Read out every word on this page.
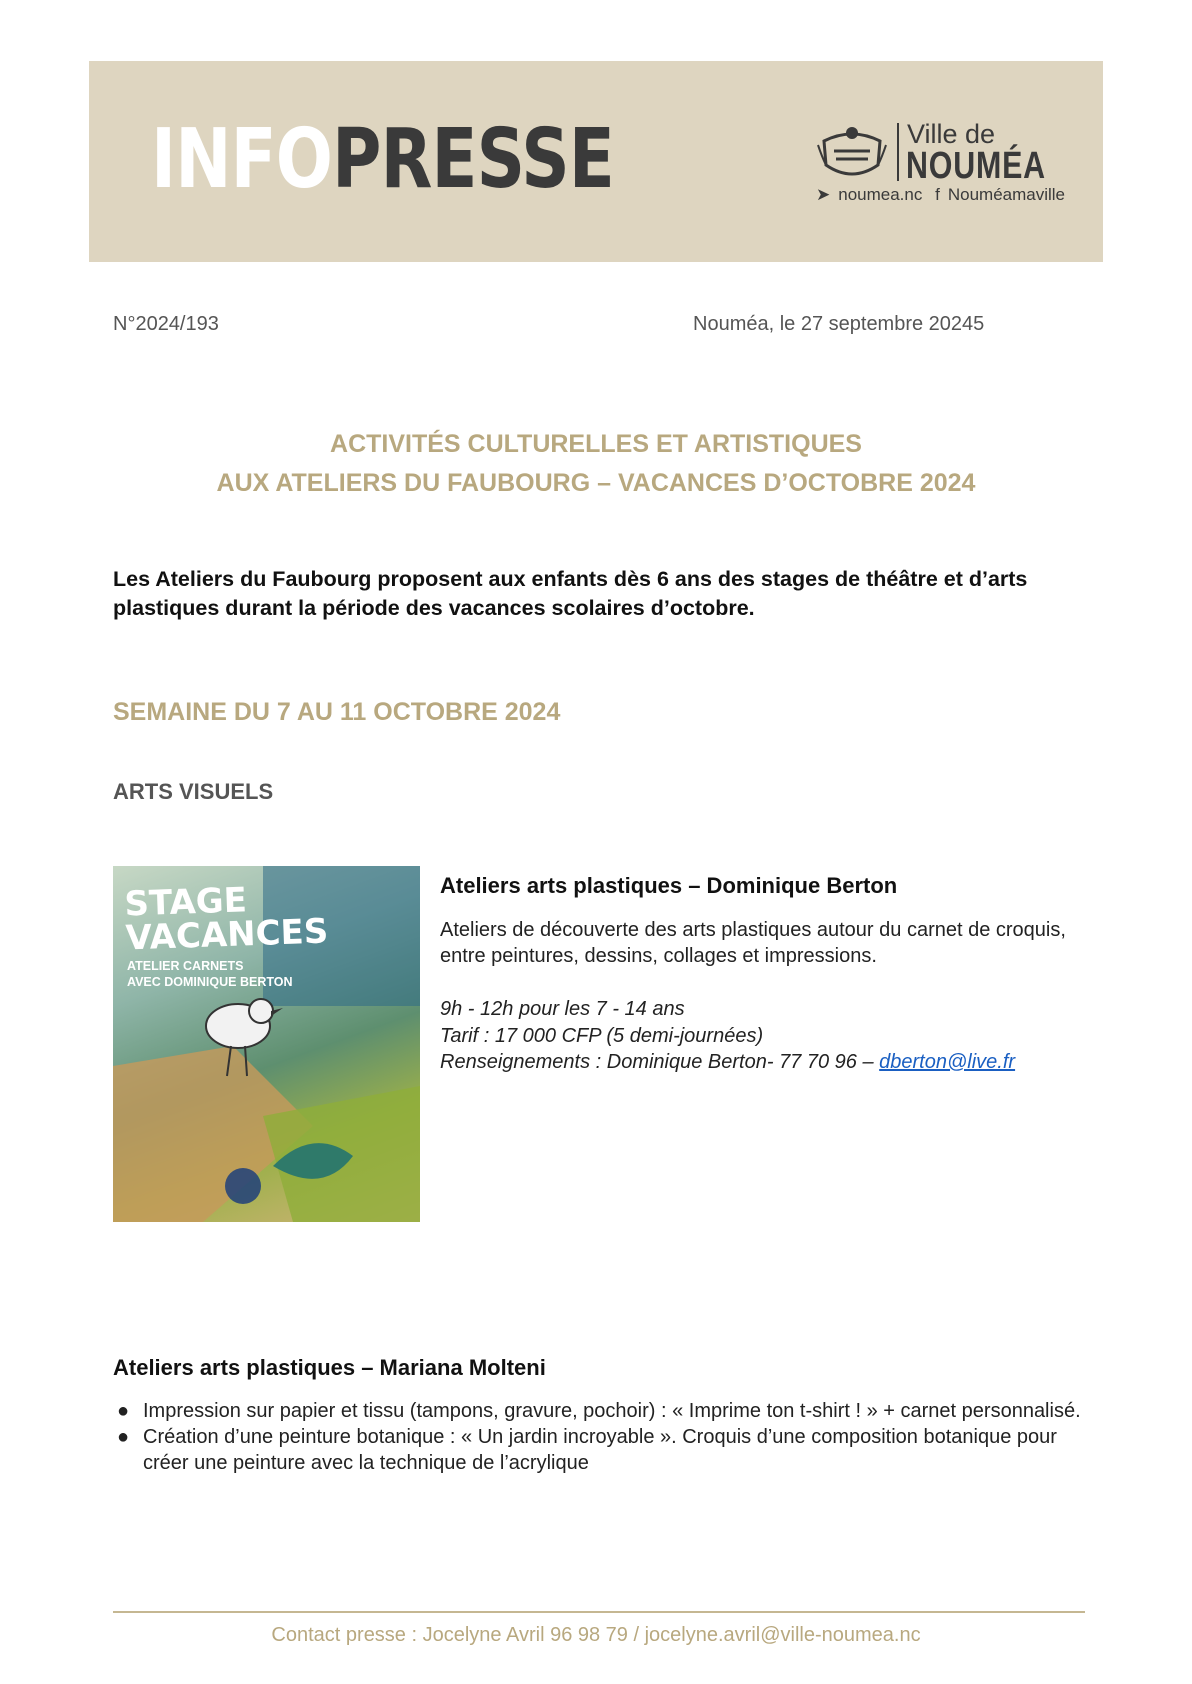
INFOPRESSE	Ville de
NOUMÉA
➤ noumea.nc f Nouméamaville
N°2024/193	Nouméa, le 27 septembre 20245
ACTIVITÉS CULTURELLES ET ARTISTIQUES
AUX ATELIERS DU FAUBOURG – VACANCES D’OCTOBRE 2024
Les Ateliers du Faubourg proposent aux enfants dès 6 ans des stages de théâtre et d’arts plastiques durant la période des vacances scolaires d’octobre.
SEMAINE DU 7 AU 11 OCTOBRE 2024
ARTS VISUELS
STAGE
VACANCES
ATELIER CARNETS
AVEC DOMINIQUE BERTON
Ateliers arts plastiques – Dominique Berton
Ateliers de découverte des arts plastiques autour du carnet de croquis, entre peintures, dessins, collages et impressions.
9h - 12h pour les 7 - 14 ans
Tarif : 17 000 CFP (5 demi-journées)
Renseignements : Dominique Berton- 77 70 96 – dberton@live.fr
Ateliers arts plastiques – Mariana Molteni
● Impression sur papier et tissu (tampons, gravure, pochoir) : « Imprime ton t-shirt ! » + carnet personnalisé.
● Création d’une peinture botanique : « Un jardin incroyable ». Croquis d’une composition botanique pour créer une peinture avec la technique de l’acrylique
Contact presse : Jocelyne Avril 96 98 79 / jocelyne.avril@ville-noumea.nc
